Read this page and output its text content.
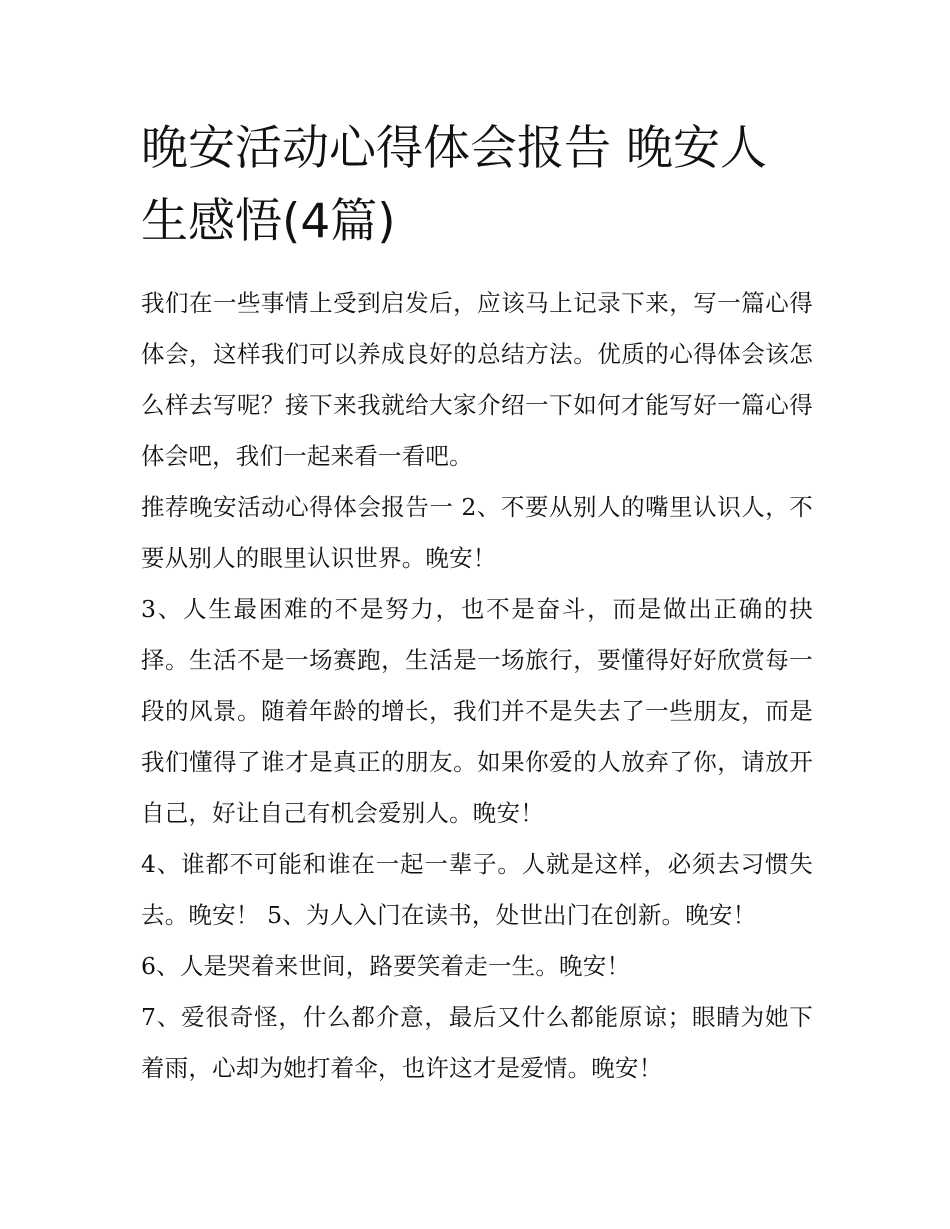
晚安活动心得体会报告 晚安人生感悟(4篇)

我们在一些事情上受到启发后，应该马上记录下来，写一篇心得体会，这样我们可以养成良好的总结方法。优质的心得体会该怎么样去写呢？接下来我就给大家介绍一下如何才能写好一篇心得体会吧，我们一起来看一看吧。

推荐晚安活动心得体会报告一 2、不要从别人的嘴里认识人，不要从别人的眼里认识世界。晚安！

3、人生最困难的不是努力，也不是奋斗，而是做出正确的抉择。生活不是一场赛跑，生活是一场旅行，要懂得好好欣赏每一段的风景。随着年龄的增长，我们并不是失去了一些朋友，而是我们懂得了谁才是真正的朋友。如果你爱的人放弃了你，请放开自己，好让自己有机会爱别人。晚安！

4、谁都不可能和谁在一起一辈子。人就是这样，必须去习惯失去。晚安！ 5、为人入门在读书，处世出门在创新。晚安！

6、人是哭着来世间，路要笑着走一生。晚安！

7、爱很奇怪，什么都介意，最后又什么都能原谅；眼睛为她下着雨，心却为她打着伞，也许这才是爱情。晚安！
